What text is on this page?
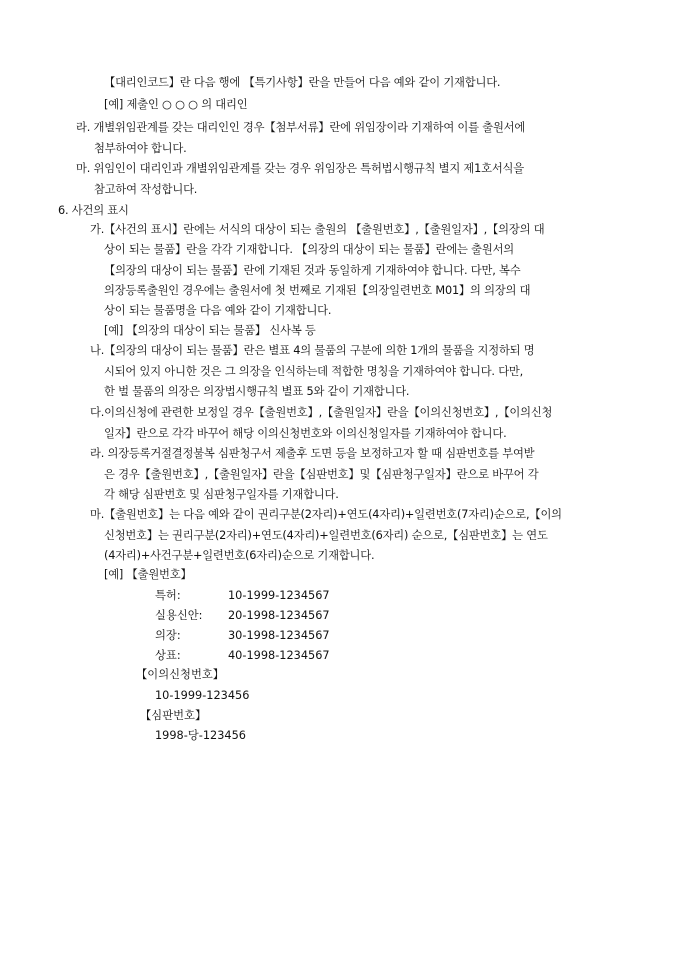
【대리인코드】란 다음 행에 【특기사항】란을 만들어 다음 예와 같이 기재합니다.
[예] 제출인 ○ ○ ○ 의 대리인
라. 개별위임관계를 갖는 대리인인 경우【첨부서류】란에 위임장이라 기재하여 이를 출원서에
첨부하여야 합니다.
마. 위임인이 대리인과 개별위임관계를 갖는 경우 위임장은 특허법시행규칙 별지 제1호서식을
참고하여 작성합니다.
6. 사건의 표시
가.【사건의 표시】란에는 서식의 대상이 되는 출원의 【출원번호】,【출원일자】,【의장의 대
상이 되는 물품】란을 각각 기재합니다. 【의장의 대상이 되는 물품】란에는 출원서의
【의장의 대상이 되는 물품】란에 기재된 것과 동일하게 기재하여야 합니다. 다만, 복수
의장등록출원인 경우에는 출원서에 첫 번째로 기재된【의장일련번호 M01】의 의장의 대
상이 되는 물품명을 다음 예와 같이 기재합니다.
[예] 【의장의 대상이 되는 물품】 신사복 등
나.【의장의 대상이 되는 물품】란은 별표 4의 물품의 구분에 의한 1개의 물품을 지정하되 명
시되어 있지 아니한 것은 그 의장을 인식하는데 적합한 명칭을 기재하여야 합니다. 다만,
한 벌 물품의 의장은 의장법시행규칙 별표 5와 같이 기재합니다.
다.이의신청에 관련한 보정일 경우【출원번호】,【출원일자】란을【이의신청번호】,【이의신청
일자】란으로 각각 바꾸어 해당 이의신청번호와 이의신청일자를 기재하여야 합니다.
라. 의장등록거절결정불복 심판청구서 제출후 도면 등을 보정하고자 할 때 심판번호를 부여받
은 경우【출원번호】,【출원일자】란을【심판번호】및【심판청구일자】란으로 바꾸어 각
각 해당 심판번호 및 심판청구일자를 기재합니다.
마.【출원번호】는 다음 예와 같이 권리구분(2자리)+연도(4자리)+일련번호(7자리)순으로,【이의
신청번호】는 권리구분(2자리)+연도(4자리)+일련번호(6자리) 순으로,【심판번호】는 연도
(4자리)+사건구분+일련번호(6자리)순으로 기재합니다.
[예] 【출원번호】
특허:	10-1999-1234567
실용신안: 20-1998-1234567
의장:	30-1998-1234567
상표:	40-1998-1234567
【이의신청번호】
10-1999-123456
【심판번호】
1998-당-123456
